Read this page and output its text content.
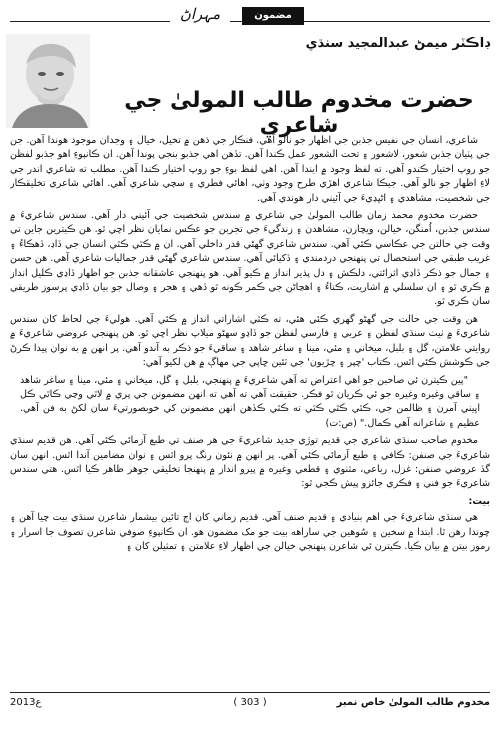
مہراڻ	مضمون
ڊاڪٽر ميمڻ عبدالمجيد سنڌي
حضرت مخدوم طالب المولىٰ جي شاعري

شاعري، انسان جي نفيس جذبن جي اظهار جو نالو آهي. فنڪار جي ذهن ۾ تخيل، خيال ۽ وجدان موجود هوندا آهن. جن جي پٺيان جذبن شعور، لاشعور ۽ تحت الشعور عمل ڪندا آهن. تڏهن اهي جذبو بنجي پوندا آهن. ان ڪانپوءِ اهو جذبو لفظن جو روپ اختيار ڪندو آهي. ته لفظ وجود ۾ ايندا آهن. اهي لفظ بوءِ جو روپ اختيار ڪندا آهن. مطلب ته شاعري اندر جي لاءِ اظهار جو نالو آهي. جيڪا شاعري اهڙي طرح وجود وٺي، اهائي فطري ۽ سچي شاعري آهي. اهائي شاعري تخليقڪار جي شخصيت، مشاهدي ۽ اڻڀڍيءَ جي آئيني دار هوندي آهي.

حضرت مخدوم محمد زمان طالب المولىٰ جي شاعري ۾ سندس شخصيت جي آئيني دار آهي. سندس شاعريءَ ۾ سندس جذبن، اُمنگن، خيالن، ويچارن، مشاهدن ۽ زندگيءَ جي تجربن جو عڪس نمايان نظر اچي ٿو. هن ڪيترين جاين تي وقت جي حالتن جي عڪاسي ڪئي آهي. سندس شاعري گهڻي قدر داخلي آهي. ان ۾ ڪٿي ڪٿي انسان جي ڏاڍ، ڏهڪاءُ ۽ غريب طبقي جي استحصال تي پنهنجي دردمندي ۽ ڏکيائي آهي. سندس شاعري گهڻي قدر جماليات شاعري آهي. هن حسن ۽ جمال جو ذڪر ڏاڍي اثرائتي، دلڪش ۽ دل پذير انداز ۾ ڪيو آهي. هو پنهنجي عاشقانه جذبن جو اظهار ڏاڍي ڪليل انداز ۾ ڪري ٿو ۽ ان سلسلي ۾ اشاريت، ڪناءُ ۽ اهڃاڻن جي ڪمر ڪونه ٿو ڏهي ۽ هجر ۽ وصال جو بيان ڏاڍي پرسوز طريقي سان ڪري ٿو.

هن وقت جي حالت جي گهڻو گهري ڪئي هئي، ته ڪٿي اشاراتي انداز ۾ ڪئي آهي. هوليءَ جي لحاظ کان سندس شاعريءَ ۾ ٺيٺ سنڌي لفظن ۽ عربي ۽ فارسي لفظن جو ڏاڍو سهڻو ميلاپ نظر اچي ٿو. هن پنهنجي عروضي شاعريءَ ۾ روايتي علامتن، گل ۽ بلبل، ميخاني ۽ مئي، مينا ۽ ساغر شاهد ۽ ساقيءَ جو ذڪر به آندو آهي. پر انهن ۾ به نوان پيدا ڪرڻ جي ڪوشش ڪئي اٿس. ڪتاب 'چپر ۽ چڙيون' جي ٽئين ڇاپي جي مهاڳ ۾ هن لکيو آهي:

"پين ڪيترن ئي صاحبن جو اهي اعتراض ته آهي شاعريءَ ۾ پنهنجي، بلبل ۽ گل، ميخاني ۽ مئي، مينا ۽ ساغر شاهد ۽ ساقي وغيره وغيره جو ئي ڪريان ٿو فڪر. حقيقت آهي ته آهي ته انهن مضمونن جي پري ۾ لاٿي وڃي ڪاٿي ڪل اڀيني آمرن ۽ ظالمن جي، ڪٿي ڪٿي ڪٿي ته ڪٿي ڪڏهن انهن مضمونن کي خوبصورتيءَ سان لکڻ به فن آهي. عظيم ۽ شاعرانه آهي ڪمال." (ص:ت)

مخدوم صاحب سنڌي شاعري جي قديم توڙي جديد شاعريءَ جي هر صنف تي طبع آزمائي ڪئي آهي. هن قديم سنڌي شاعريءَ جي صنفن: ڪافي ۽ طبع آزمائي ڪئي آهي. پر انهن ۾ نئون رنگ پرو اٿس ۽ نوان مضامين آندا اٿس. انهن سان گڏ عروضي صنفن: غزل، رباعي، مثنوي ۽ قطعي وغيره ۾ پيرو انداز ۾ پنهنجا تخليقي جوهر ظاهر ڪيا اٿس. هتي سندس شاعريءَ جو فني ۽ فڪري جائزو پيش ڪجي ٿو:

بيت:

هي سنڌي شاعريءَ جي اهم بنيادي ۽ قديم صنف آهي. قديم زماني کان اڄ تائين بيشمار شاعرن سنڌي بيت چيا آهن ۽ چوندا رهن ٿا. ابتدا ۾ سخين ۽ سُوهين جي ساراهه بيت جو مک مضمون هو. ان ڪانپوءِ صوفي شاعرن تصوف جا اسرار ۽ رموز بيتن ۾ بيان ڪيا. ڪيترن ئي شاعرن پنهنجي خيالن جي اظهار لاءِ علامتن ۽ تمثيلن کان ۽

مخدوم طالب المولىٰ خاص نمبر
( 303 )
2013ع
